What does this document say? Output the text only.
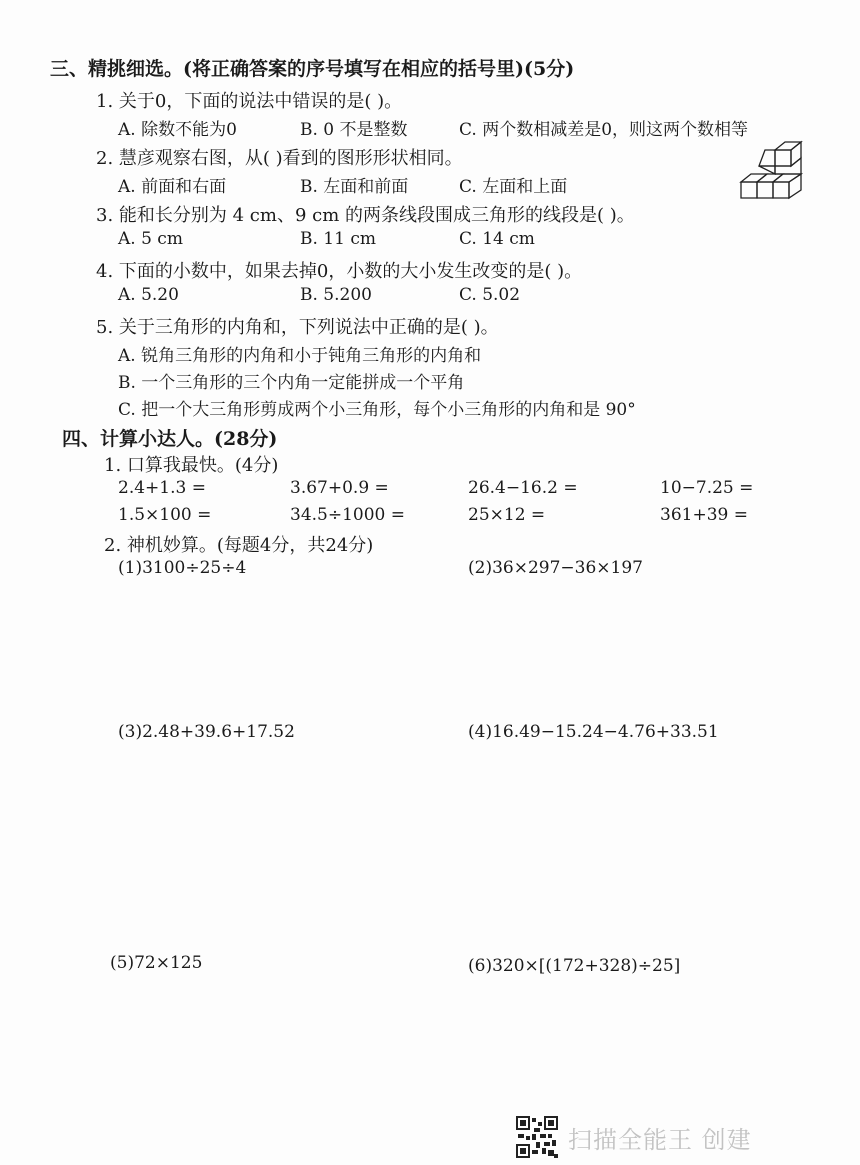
三、精挑细选。(将正确答案的序号填写在相应的括号里)(5分)
1. 关于0，下面的说法中错误的是( )。
A. 除数不能为0	B. 0 不是整数	C. 两个数相减差是0，则这两个数相等
2. 慧彦观察右图，从( )看到的图形形状相同。
A. 前面和右面	B. 左面和前面	C. 左面和上面
3. 能和长分别为 4 cm、9 cm 的两条线段围成三角形的线段是( )。
A. 5 cm	B. 11 cm	C. 14 cm
4. 下面的小数中，如果去掉0，小数的大小发生改变的是( )。
A. 5.20	B. 5.200	C. 5.02
5. 关于三角形的内角和，下列说法中正确的是( )。
A. 锐角三角形的内角和小于钝角三角形的内角和
B. 一个三角形的三个内角一定能拼成一个平角
C. 把一个大三角形剪成两个小三角形，每个小三角形的内角和是 90°
四、计算小达人。(28分)
1. 口算我最快。(4分)
2.4+1.3 =	3.67+0.9 =	26.4−16.2 =	10−7.25 =
1.5×100 =	34.5÷1000 =	25×12 =	361+39 =
2. 神机妙算。(每题4分，共24分)
(1)3100÷25÷4	(2)36×297−36×197
(3)2.48+39.6+17.52	(4)16.49−15.24−4.76+33.51
(5)72×125	(6)320×[(172+328)÷25]
扫描全能王 创建
